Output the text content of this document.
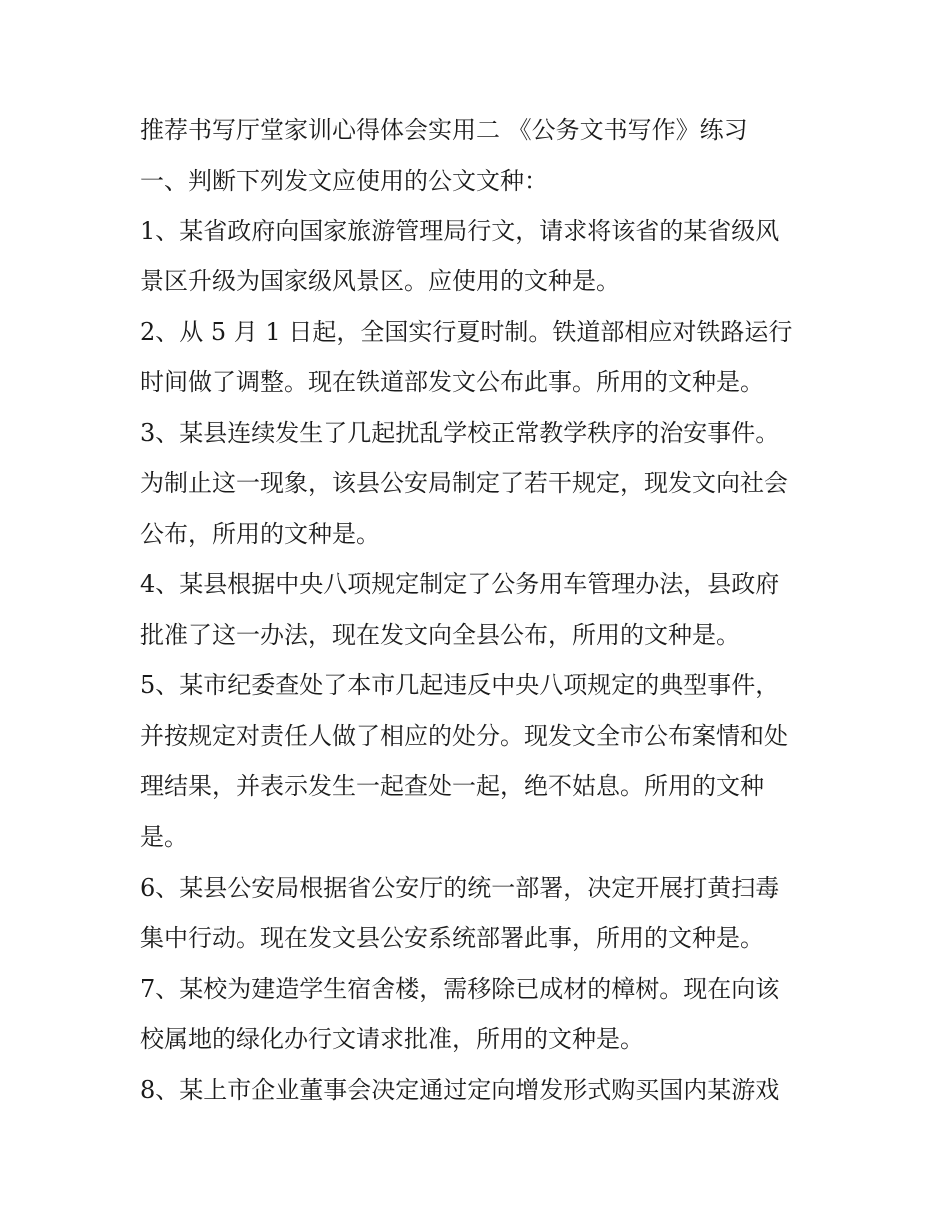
推荐书写厅堂家训心得体会实用二 《公务文书写作》练习
一、判断下列发文应使用的公文文种：
1、某省政府向国家旅游管理局行文，请求将该省的某省级风
景区升级为国家级风景区。应使用的文种是。
2、从 5 月 1 日起，全国实行夏时制。铁道部相应对铁路运行
时间做了调整。现在铁道部发文公布此事。所用的文种是。
3、某县连续发生了几起扰乱学校正常教学秩序的治安事件。
为制止这一现象，该县公安局制定了若干规定，现发文向社会
公布，所用的文种是。
4、某县根据中央八项规定制定了公务用车管理办法，县政府
批准了这一办法，现在发文向全县公布，所用的文种是。
5、某市纪委查处了本市几起违反中央八项规定的典型事件，
并按规定对责任人做了相应的处分。现发文全市公布案情和处
理结果，并表示发生一起查处一起，绝不姑息。所用的文种
是。
6、某县公安局根据省公安厅的统一部署，决定开展打黄扫毒
集中行动。现在发文县公安系统部署此事，所用的文种是。
7、某校为建造学生宿舍楼，需移除已成材的樟树。现在向该
校属地的绿化办行文请求批准，所用的文种是。
8、某上市企业董事会决定通过定向增发形式购买国内某游戏
